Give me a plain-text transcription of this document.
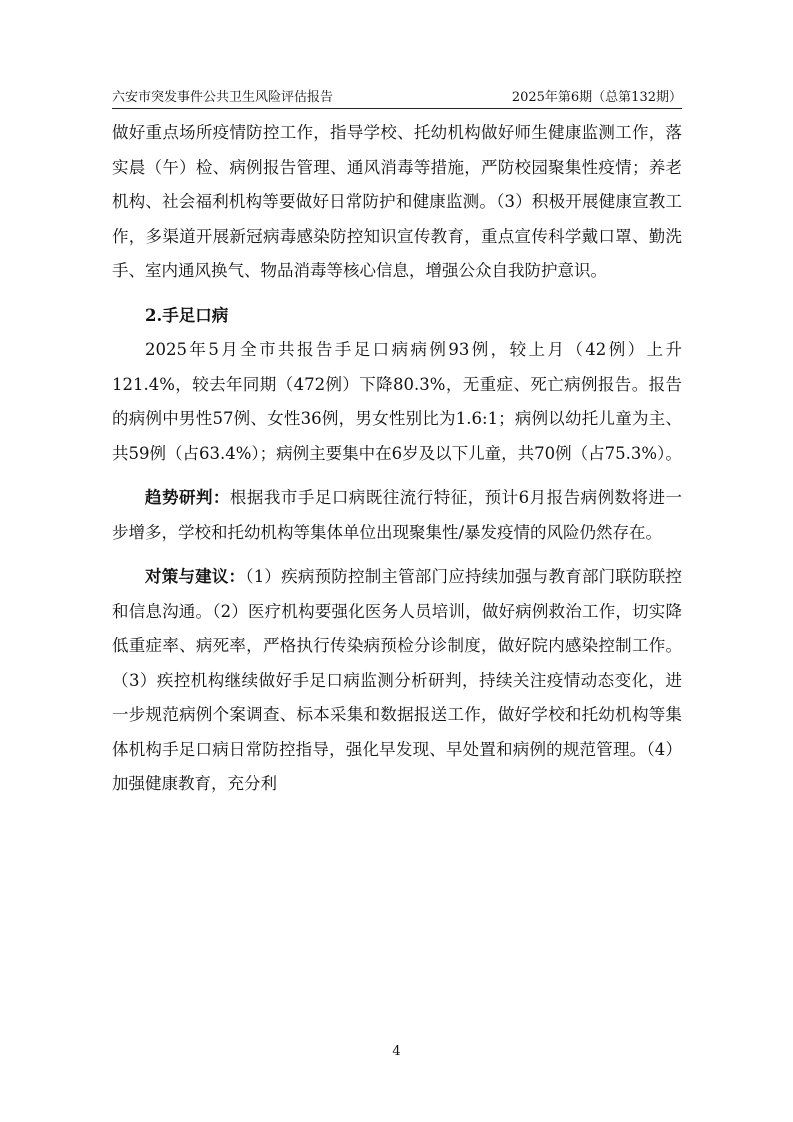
六安市突发事件公共卫生风险评估报告	2025年第6期（总第132期）

做好重点场所疫情防控工作，指导学校、托幼机构做好师生健康监测工作，落实晨（午）检、病例报告管理、通风消毒等措施，严防校园聚集性疫情；养老机构、社会福利机构等要做好日常防护和健康监测。（3）积极开展健康宣教工作，多渠道开展新冠病毒感染防控知识宣传教育，重点宣传科学戴口罩、勤洗手、室内通风换气、物品消毒等核心信息，增强公众自我防护意识。

2.手足口病

2025年5月全市共报告手足口病病例93例，较上月（42例）上升121.4%，较去年同期（472例）下降80.3%，无重症、死亡病例报告。报告的病例中男性57例、女性36例，男女性别比为1.6:1；病例以幼托儿童为主、共59例（占63.4%）；病例主要集中在6岁及以下儿童，共70例（占75.3%）。

趋势研判：根据我市手足口病既往流行特征，预计6月报告病例数将进一步增多，学校和托幼机构等集体单位出现聚集性/暴发疫情的风险仍然存在。

对策与建议：（1）疾病预防控制主管部门应持续加强与教育部门联防联控和信息沟通。（2）医疗机构要强化医务人员培训，做好病例救治工作，切实降低重症率、病死率，严格执行传染病预检分诊制度，做好院内感染控制工作。（3）疾控机构继续做好手足口病监测分析研判，持续关注疫情动态变化，进一步规范病例个案调查、标本采集和数据报送工作，做好学校和托幼机构等集体机构手足口病日常防控指导，强化早发现、早处置和病例的规范管理。（4）加强健康教育，充分利

4
